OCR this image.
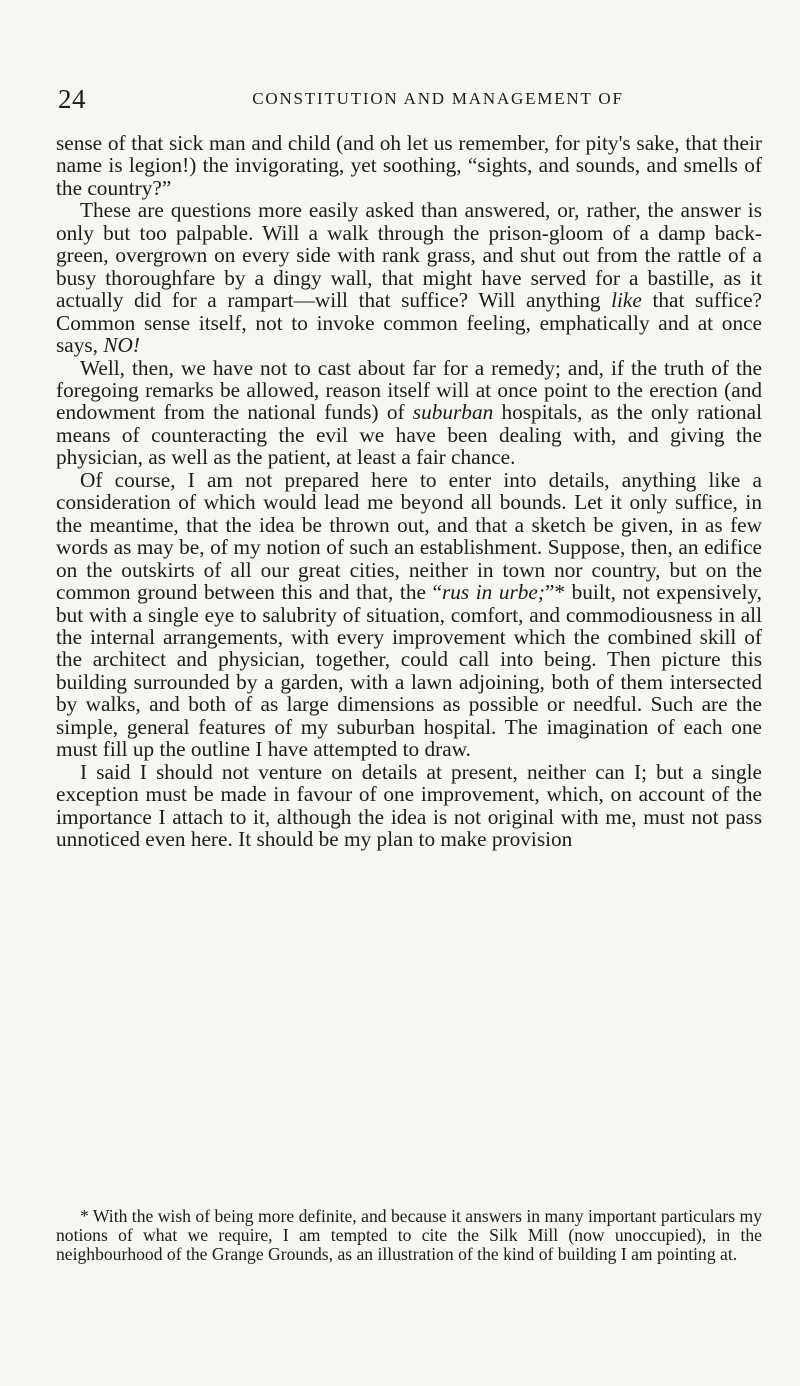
24	CONSTITUTION AND MANAGEMENT OF

sense of that sick man and child (and oh let us remember, for pity's sake, that their name is legion!) the invigorating, yet soothing, “sights, and sounds, and smells of the country?”

These are questions more easily asked than answered, or, rather, the answer is only but too palpable. Will a walk through the prison-gloom of a damp back-green, overgrown on every side with rank grass, and shut out from the rattle of a busy thoroughfare by a dingy wall, that might have served for a bastille, as it actually did for a rampart—will that suffice? Will anything like that suffice? Common sense itself, not to invoke common feeling, emphatically and at once says, NO!

Well, then, we have not to cast about far for a remedy; and, if the truth of the foregoing remarks be allowed, reason itself will at once point to the erection (and endowment from the national funds) of suburban hospitals, as the only rational means of counteracting the evil we have been dealing with, and giving the physician, as well as the patient, at least a fair chance.

Of course, I am not prepared here to enter into details, anything like a consideration of which would lead me beyond all bounds. Let it only suffice, in the meantime, that the idea be thrown out, and that a sketch be given, in as few words as may be, of my notion of such an establishment. Suppose, then, an edifice on the outskirts of all our great cities, neither in town nor country, but on the common ground between this and that, the “rus in urbe;”* built, not expensively, but with a single eye to salubrity of situation, comfort, and commodiousness in all the internal arrangements, with every improvement which the combined skill of the architect and physician, together, could call into being. Then picture this building surrounded by a garden, with a lawn adjoining, both of them intersected by walks, and both of as large dimensions as possible or needful. Such are the simple, general features of my suburban hospital. The imagination of each one must fill up the outline I have attempted to draw.

I said I should not venture on details at present, neither can I; but a single exception must be made in favour of one improvement, which, on account of the importance I attach to it, although the idea is not original with me, must not pass unnoticed even here. It should be my plan to make provision

* With the wish of being more definite, and because it answers in many important particulars my notions of what we require, I am tempted to cite the Silk Mill (now unoccupied), in the neighbourhood of the Grange Grounds, as an illustration of the kind of building I am pointing at.
